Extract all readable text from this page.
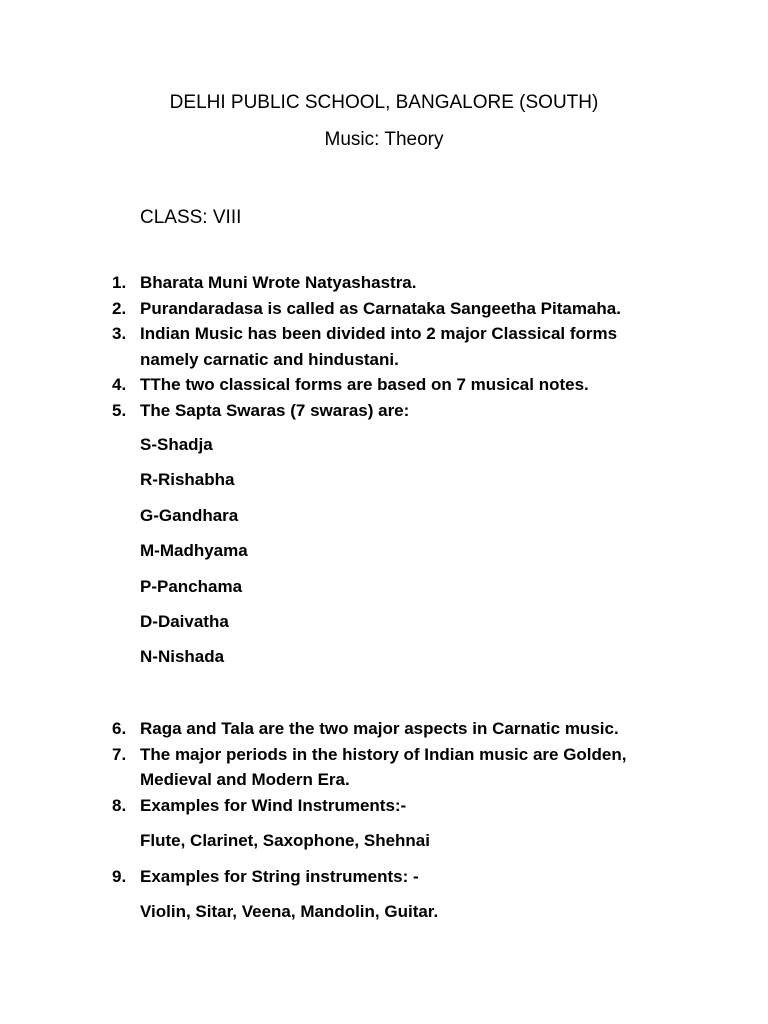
DELHI PUBLIC SCHOOL, BANGALORE (SOUTH)
Music: Theory
CLASS: VIII
1. Bharata Muni Wrote Natyashastra.
2. Purandaradasa is called as Carnataka Sangeetha Pitamaha.
3. Indian Music has been divided into 2 major Classical forms namely carnatic and hindustani.
4. TThe two classical forms are based on 7 musical notes.
5. The Sapta Swaras (7 swaras) are:
S-Shadja
R-Rishabha
G-Gandhara
M-Madhyama
P-Panchama
D-Daivatha
N-Nishada
6. Raga and Tala are the two major aspects in Carnatic music.
7. The major periods in the history of Indian music are Golden, Medieval and Modern Era.
8. Examples for Wind Instruments:-
Flute, Clarinet, Saxophone, Shehnai
9. Examples for String instruments: -
Violin, Sitar, Veena, Mandolin, Guitar.
